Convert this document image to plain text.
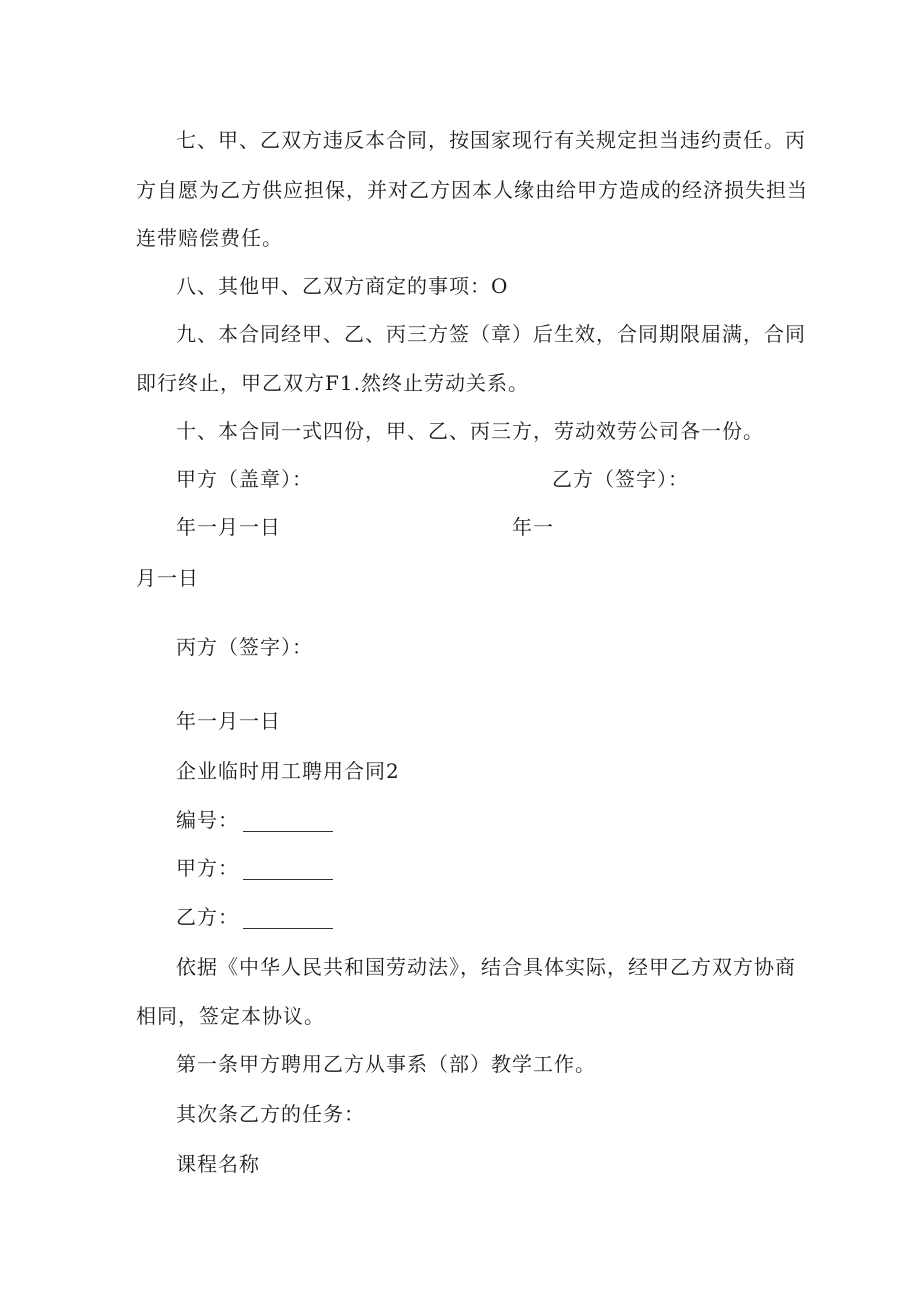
七、甲、乙双方违反本合同，按国家现行有关规定担当违约责任。丙
方自愿为乙方供应担保，并对乙方因本人缘由给甲方造成的经济损失担当
连带赔偿费任。
八、其他甲、乙双方商定的事项：O
九、本合同经甲、乙、丙三方签（章）后生效，合同期限届满，合同
即行终止，甲乙双方F1.然终止劳动关系。
十、本合同一式四份，甲、乙、丙三方，劳动效劳公司各一份。
甲方（盖章）：	乙方（签字）：
年一月一日	年一
月一日
丙方（签字）：
年一月一日
企业临时用工聘用合同2
编号：
甲方：
乙方：
依据《中华人民共和国劳动法》，结合具体实际，经甲乙方双方协商
相同，签定本协议。
第一条甲方聘用乙方从事系（部）教学工作。
其次条乙方的任务：
课程名称
